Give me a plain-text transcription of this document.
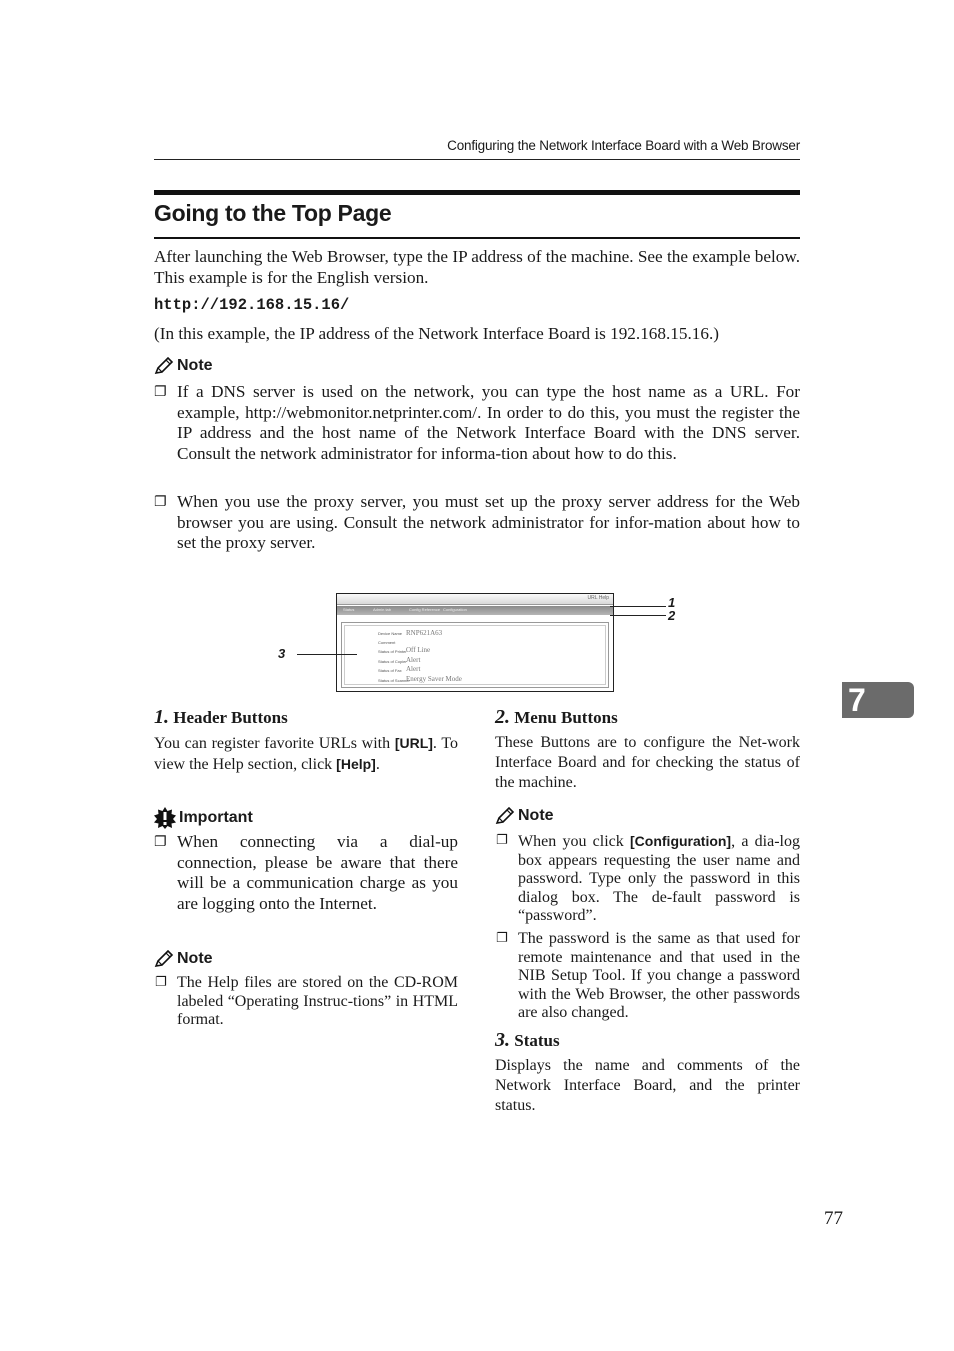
Configuring the Network Interface Board with a Web Browser
Going to the Top Page

After launching the Web Browser, type the IP address of the machine. See the example below. This example is for the English version.

http://192.168.15.16/

(In this example, the IP address of the Network Interface Board is 192.168.15.16.)

Note
❐ If a DNS server is used on the network, you can type the host name as a URL. For example, http://webmonitor.netprinter.com/. In order to do this, you must the register the IP address and the host name of the Network Interface Board with the DNS server. Consult the network administrator for informa-tion about how to do this.
❐ When you use the proxy server, you must set up the proxy server address for the Web browser you are using. Consult the network administrator for infor-mation about how to set the proxy server.
URL Help
Status	Admin tab	Config Reference Configuration
Device Name RNP621A63
Comment
Status of Printer Off Line
Status of Copier Alert
Status of Fax Alert
Status of Scanner
Energy Saver Mode
1
2
3
7
1. Header Buttons

You can register favorite URLs with [URL]. To view the Help section, click [Help].

Important
❐ When connecting via a dial-up connection, please be aware that there will be a communication charge as you are logging onto the Internet.
Note
❐ The Help files are stored on the CD-ROM labeled “Operating Instruc-tions” in HTML format.
2. Menu Buttons

These Buttons are to configure the Net-work Interface Board and for checking the status of the machine.

Note
❐ When you click [Configuration], a dia-log box appears requesting the user name and password. Type only the password in this dialog box. The de-fault password is “password”.
❐ The password is the same as that used for remote maintenance and that used in the NIB Setup Tool. If you change a password with the Web Browser, the other passwords are also changed.
3. Status

Displays the name and comments of the Network Interface Board, and the printer status.

77
